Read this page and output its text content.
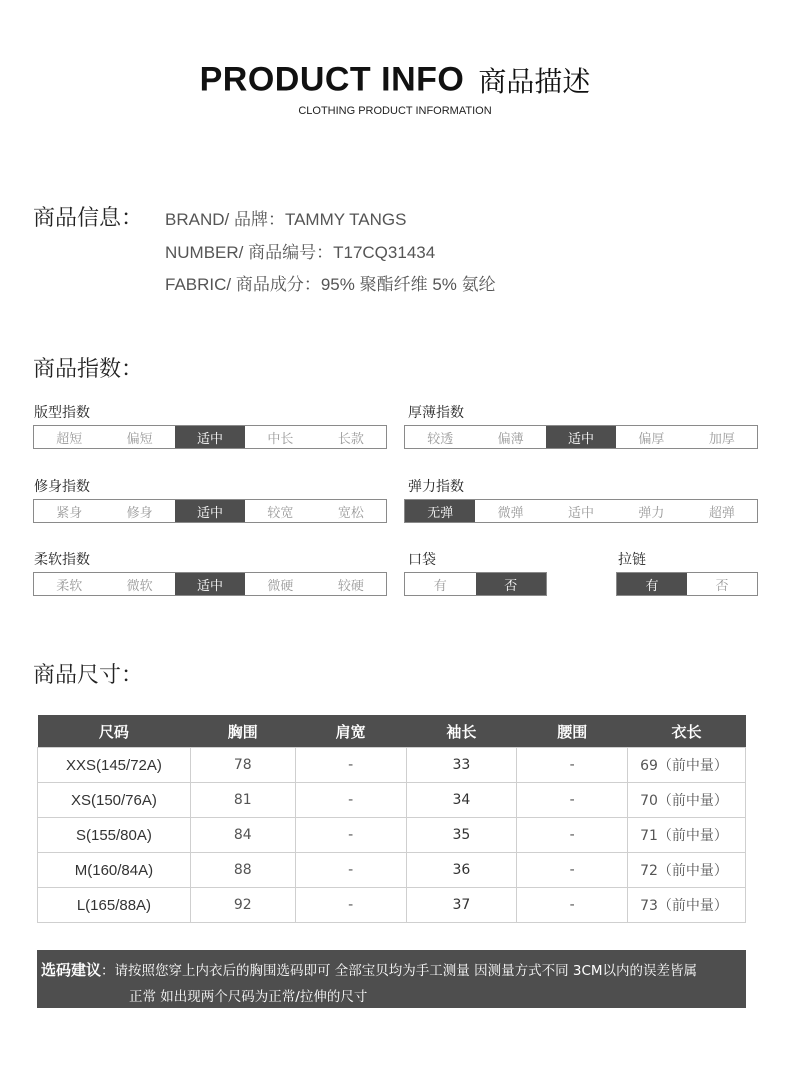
PRODUCT INFO 商品描述
CLOTHING PRODUCT INFORMATION
商品信息： BRAND/ 品牌：TAMMY TANGS
NUMBER/ 商品编号：T17CQ31434
FABRIC/ 商品成分：95% 聚酯纤维 5% 氨纶
商品指数：
版型指数
超短	偏短	适中	中长	长款
厚薄指数
较透	偏薄	适中	偏厚	加厚
修身指数
紧身	修身	适中	较宽	宽松
弹力指数
无弹	微弹	适中	弹力	超弹
柔软指数
柔软	微软	适中	微硬	较硬
口袋
有	否
拉链
有	否
商品尺寸：
尺码	胸围	肩宽	袖长	腰围	衣长
XXS(145/72A)	78	-	33	-	69（前中量）
XS(150/76A)	81	-	34	-	70（前中量）
S(155/80A)	84	-	35	-	71（前中量）
M(160/84A)	88	-	36	-	72（前中量）
L(165/88A)	92	-	37	-	73（前中量）
选码建议：请按照您穿上内衣后的胸围选码即可 全部宝贝均为手工测量 因测量方式不同 3CM以内的误差皆属
正常 如出现两个尺码为正常/拉伸的尺寸
